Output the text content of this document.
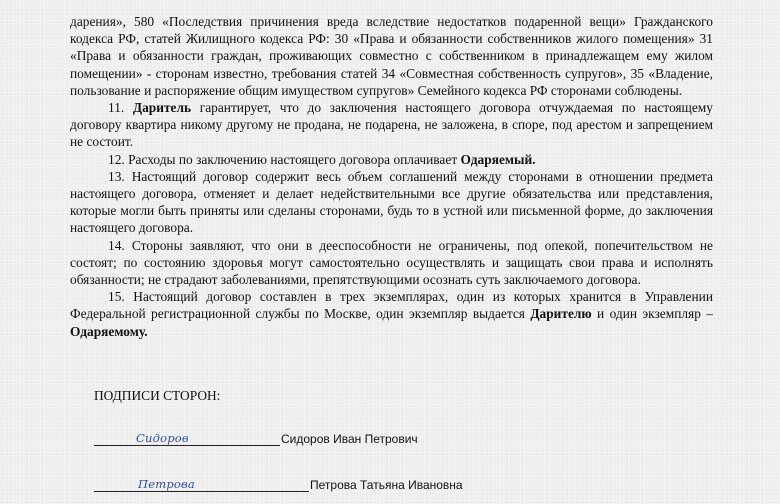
дарения», 580 «Последствия причинения вреда вследствие недостатков подаренной вещи» Гражданского кодекса РФ, статей Жилищного кодекса РФ: 30 «Права и обязанности собственников жилого помещения» 31 «Права и обязанности граждан, проживающих совместно с собственником в принадлежащем ему жилом помещении» - сторонам известно, требования статей 34 «Совместная собственность супругов», 35 «Владение, пользование и распоряжение общим имуществом супругов» Семейного кодекса РФ сторонами соблюдены.

11. Даритель гарантирует, что до заключения настоящего договора отчуждаемая по настоящему договору квартира никому другому не продана, не подарена, не заложена, в споре, под арестом и запрещением не состоит.

12. Расходы по заключению настоящего договора оплачивает Одаряемый.

13. Настоящий договор содержит весь объем соглашений между сторонами в отношении предмета настоящего договора, отменяет и делает недействительными все другие обязательства или представления, которые могли быть приняты или сделаны сторонами, будь то в устной или письменной форме, до заключения настоящего договора.

14. Стороны заявляют, что они в дееспособности не ограничены, под опекой, попечительством не состоят; по состоянию здоровья могут самостоятельно осуществлять и защищать свои права и исполнять обязанности; не страдают заболеваниями, препятствующими осознать суть заключаемого договора.

15. Настоящий договор составлен в трех экземплярах, один из которых хранится в Управлении Федеральной регистрационной службы по Москве, один экземпляр выдается Дарителю и один экземпляр – Одаряемому.

ПОДПИСИ СТОРОН:
Сидоров	Сидоров Иван Петрович
Петрова	Петрова Татьяна Ивановна
